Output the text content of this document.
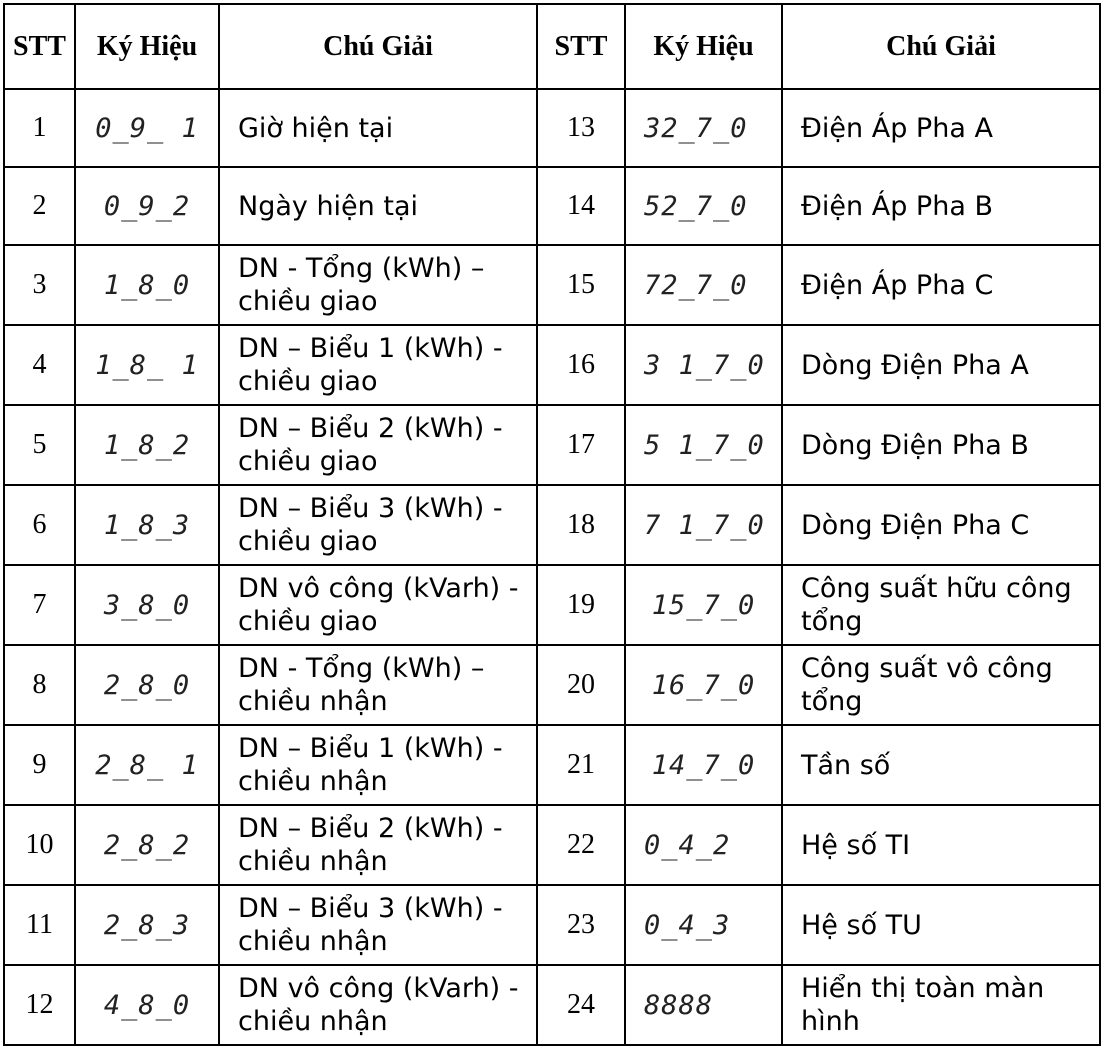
STT	Ký Hiệu	Chú Giải	STT	Ký Hiệu	Chú Giải
1	0_9_ 1	Giờ hiện tại	13	32_7_0	Điện Áp Pha A
2	0_9_2	Ngày hiện tại	14	52_7_0	Điện Áp Pha B
3	1_8_0	DN - Tổng (kWh) – chiều giao	15	72_7_0	Điện Áp Pha C
4	1_8_ 1	DN – Biểu 1 (kWh) - chiều giao	16	3 1_7_0	Dòng Điện Pha A
5	1_8_2	DN – Biểu 2 (kWh) - chiều giao	17	5 1_7_0	Dòng Điện Pha B
6	1_8_3	DN – Biểu 3 (kWh) - chiều giao	18	7 1_7_0	Dòng Điện Pha C
7	3_8_0	DN vô công (kVarh) - chiều giao	19	15_7_0	Công suất hữu công tổng
8	2_8_0	DN - Tổng (kWh) – chiều nhận	20	16_7_0	Công suất vô công tổng
9	2_8_ 1	DN – Biểu 1 (kWh) - chiều nhận	21	14_7_0	Tần số
10	2_8_2	DN – Biểu 2 (kWh) - chiều nhận	22	0_4_2	Hệ số TI
11	2_8_3	DN – Biểu 3 (kWh) - chiều nhận	23	0_4_3	Hệ số TU
12	4_8_0	DN vô công (kVarh) - chiều nhận	24	8888	Hiển thị toàn màn hình
